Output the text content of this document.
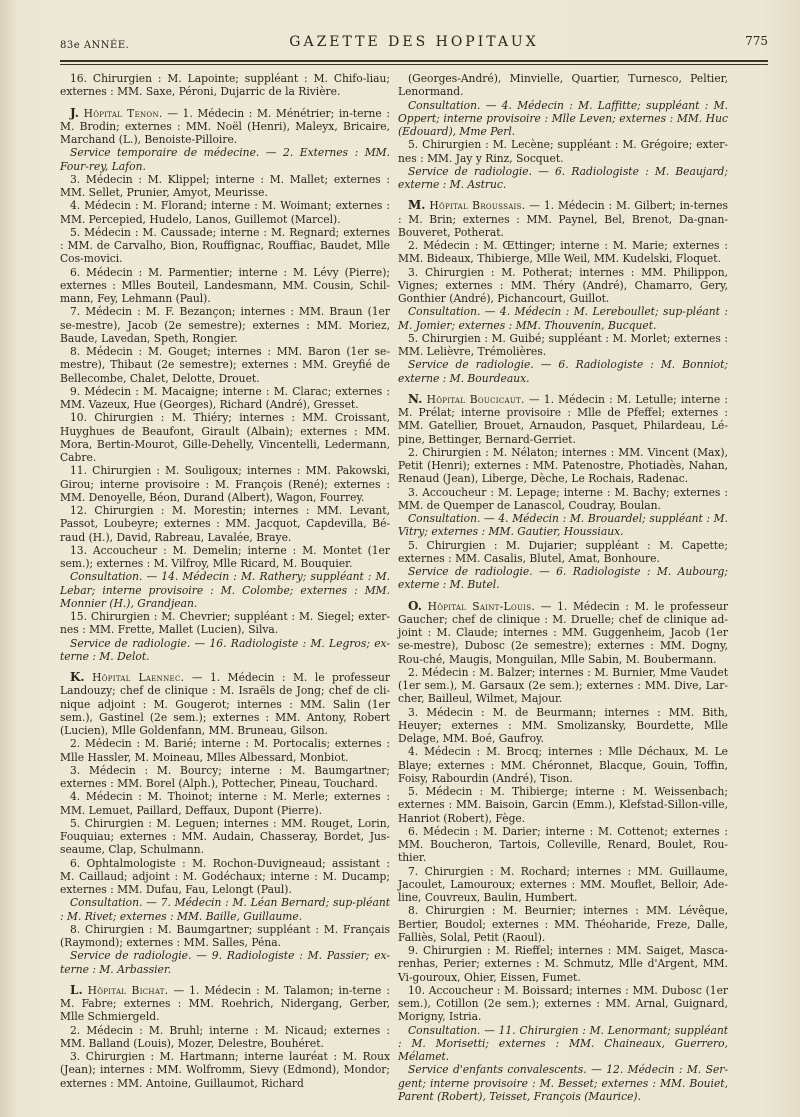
83e ANNÉE.	GAZETTE DES HOPITAUX	775

16. Chirurgien : M. Lapointe; suppléant : M. Chifo-liau; externes : MM. Saxe, Péroni, Dujarric de la Rivière.

J. Hôpital Tenon. — 1. Médecin : M. Ménétrier; in-terne : M. Brodin; externes : MM. Noël (Henri), Maleyx, Bricaire, Marchand (L.), Benoiste-Pilloire.

Service temporaire de médecine. — 2. Externes : MM. Four-rey, Lafon.

3. Médecin : M. Klippel; interne : M. Mallet; externes : MM. Sellet, Prunier, Amyot, Meurisse.

4. Médecin : M. Florand; interne : M. Woimant; externes : MM. Percepied, Hudelo, Lanos, Guillemot (Marcel).

5. Médecin : M. Caussade; interne : M. Regnard; externes : MM. de Carvalho, Bion, Rouffignac, Rouffiac, Baudet, Mlle Cos-movici.

6. Médecin : M. Parmentier; interne : M. Lévy (Pierre); externes : Mlles Bouteil, Landesmann, MM. Cousin, Schil-mann, Fey, Lehmann (Paul).

7. Médecin : M. F. Bezançon; internes : MM. Braun (1er se-mestre), Jacob (2e semestre); externes : MM. Moriez, Baude, Lavedan, Speth, Rongier.

8. Médecin : M. Gouget; internes : MM. Baron (1er se-mestre), Thibaut (2e semestre); externes : MM. Greyfié de Bellecombe, Chalet, Delotte, Drouet.

9. Médecin : M. Macaigne; interne : M. Clarac; externes : MM. Vazeux, Hue (Georges), Richard (André), Gresset.

10. Chirurgien : M. Thiéry; internes : MM. Croissant, Huyghues de Beaufont, Girault (Albain); externes : MM. Mora, Bertin-Mourot, Gille-Dehelly, Vincentelli, Ledermann, Cabre.

11. Chirurgien : M. Souligoux; internes : MM. Pakowski, Girou; interne provisoire : M. François (René); externes : MM. Denoyelle, Béon, Durand (Albert), Wagon, Fourrey.

12. Chirurgien : M. Morestin; internes : MM. Levant, Passot, Loubeyre; externes : MM. Jacquot, Capdevilla, Bé-raud (H.), David, Rabreau, Lavalée, Braye.

13. Accoucheur : M. Demelin; interne : M. Montet (1er sem.); externes : M. Vilfroy, Mlle Ricard, M. Bouquier.

Consultation. — 14. Médecin : M. Rathery; suppléant : M. Lebar; interne provisoire : M. Colombe; externes : MM. Monnier (H.), Grandjean.

15. Chirurgien : M. Chevrier; suppléant : M. Siegel; exter-nes : MM. Frette, Mallet (Lucien), Silva.

Service de radiologie. — 16. Radiologiste : M. Legros; ex-terne : M. Delot.

K. Hôpital Laennec. — 1. Médecin : M. le professeur Landouzy; chef de clinique : M. Israëls de Jong; chef de cli-nique adjoint : M. Gougerot; internes : MM. Salin (1er sem.), Gastinel (2e sem.); externes : MM. Antony, Robert (Lucien), Mlle Goldenfann, MM. Bruneau, Gilson.

2. Médecin : M. Barié; interne : M. Portocalis; externes : Mlle Hassler, M. Moineau, Mlles Albessard, Monbiot.

3. Médecin : M. Bourcy; interne : M. Baumgartner; externes : MM. Borel (Alph.), Pottecher, Pineau, Touchard.

4. Médecin : M. Thoinot; interne : M. Merle; externes : MM. Lemuet, Paillard, Deffaux, Dupont (Pierre).

5. Chirurgien : M. Leguen; internes : MM. Rouget, Lorin, Fouquiau; externes : MM. Audain, Chasseray, Bordet, Jus-seaume, Clap, Schulmann.

6. Ophtalmologiste : M. Rochon-Duvigneaud; assistant : M. Caillaud; adjoint : M. Godéchaux; interne : M. Ducamp; externes : MM. Dufau, Fau, Lelongt (Paul).

Consultation. — 7. Médecin : M. Léan Bernard; sup-pléant : M. Rivet; externes : MM. Baille, Guillaume.

8. Chirurgien : M. Baumgartner; suppléant : M. Français (Raymond); externes : MM. Salles, Péna.

Service de radiologie. — 9. Radiologiste : M. Passier; ex-terne : M. Arbassier.

L. Hôpital Bichat. — 1. Médecin : M. Talamon; in-terne : M. Fabre; externes : MM. Roehrich, Nidergang, Gerber, Mlle Schmiergeld.

2. Médecin : M. Bruhl; interne : M. Nicaud; externes : MM. Balland (Louis), Mozer, Delestre, Bouhéret.

3. Chirurgien : M. Hartmann; interne lauréat : M. Roux (Jean); internes : MM. Wolfromm, Sievy (Edmond), Mondor; externes : MM. Antoine, Guillaumot, Richard

(Georges-André), Minvielle, Quartier, Turnesco, Peltier, Lenormand.

Consultation. — 4. Médecin : M. Laffitte; suppléant : M. Oppert; interne provisoire : Mlle Leven; externes : MM. Huc (Edouard), Mme Perl.

5. Chirurgien : M. Lecène; suppléant : M. Grégoire; exter-nes : MM. Jay y Rinz, Socquet.

Service de radiologie. — 6. Radiologiste : M. Beaujard; externe : M. Astruc.

M. Hôpital Broussais. — 1. Médecin : M. Gilbert; in-ternes : M. Brin; externes : MM. Paynel, Bel, Brenot, Da-gnan-Bouveret, Potherat.

2. Médecin : M. Œttinger; interne : M. Marie; externes : MM. Bideaux, Thibierge, Mlle Weil, MM. Kudelski, Floquet.

3. Chirurgien : M. Potherat; internes : MM. Philippon, Vignes; externes : MM. Théry (André), Chamarro, Gery, Gonthier (André), Pichancourt, Guillot.

Consultation. — 4. Médecin : M. Lereboullet; sup-pléant : M. Jomier; externes : MM. Thouvenin, Bucquet.

5. Chirurgien : M. Guibé; suppléant : M. Morlet; externes : MM. Lelièvre, Trémolières.

Service de radiologie. — 6. Radiologiste : M. Bonniot; externe : M. Bourdeaux.

N. Hôpital Boucicaut. — 1. Médecin : M. Letulle; interne : M. Prélat; interne provisoire : Mlle de Pfeffel; externes : MM. Gatellier, Brouet, Arnaudon, Pasquet, Philardeau, Lé-pine, Bettinger, Bernard-Gerriet.

2. Chirurgien : M. Nélaton; internes : MM. Vincent (Max), Petit (Henri); externes : MM. Patenostre, Photiadès, Nahan, Renaud (Jean), Liberge, Dèche, Le Rochais, Radenac.

3. Accoucheur : M. Lepage; interne : M. Bachy; externes : MM. de Quemper de Lanascol, Coudray, Boulan.

Consultation. — 4. Médecin : M. Brouardel; suppléant : M. Vitry; externes : MM. Gautier, Houssiaux.

5. Chirurgien : M. Dujarier; suppléant : M. Capette; externes : MM. Casalis, Blutel, Amat, Bonhoure.

Service de radiologie. — 6. Radiologiste : M. Aubourg; externe : M. Butel.

O. Hôpital Saint-Louis. — 1. Médecin : M. le professeur Gaucher; chef de clinique : M. Druelle; chef de clinique ad-joint : M. Claude; internes : MM. Guggenheim, Jacob (1er se-mestre), Dubosc (2e semestre); externes : MM. Dogny, Rou-ché, Maugis, Monguilan, Mlle Sabin, M. Boubermann.

2. Médecin : M. Balzer; internes : M. Burnier, Mme Vaudet (1er sem.), M. Garsaux (2e sem.); externes : MM. Dive, Lar-cher, Bailleul, Wilmet, Majour.

3. Médecin : M. de Beurmann; internes : MM. Bith, Heuyer; externes : MM. Smolizansky, Bourdette, Mlle Delage, MM. Boé, Gaufroy.

4. Médecin : M. Brocq; internes : Mlle Déchaux, M. Le Blaye; externes : MM. Chéronnet, Blacque, Gouin, Toffin, Foisy, Rabourdin (André), Tison.

5. Médecin : M. Thibierge; interne : M. Weissenbach; externes : MM. Baisoin, Garcin (Emm.), Klefstad-Sillon-ville, Hanriot (Robert), Fège.

6. Médecin : M. Darier; interne : M. Cottenot; externes : MM. Boucheron, Tartois, Colleville, Renard, Boulet, Rou-thier.

7. Chirurgien : M. Rochard; internes : MM. Guillaume, Jacoulet, Lamouroux; externes : MM. Mouflet, Belloir, Ade-line, Couvreux, Baulin, Humbert.

8. Chirurgien : M. Beurnier; internes : MM. Lévêque, Bertier, Boudol; externes : MM. Théoharide, Freze, Dalle, Falliès, Solal, Petit (Raoul).

9. Chirurgien : M. Rieffel; internes : MM. Saiget, Masca-renhas, Perier; externes : M. Schmutz, Mlle d'Argent, MM. Vi-gouroux, Ohier, Eissen, Fumet.

10. Accoucheur : M. Boissard; internes : MM. Dubosc (1er sem.), Cotillon (2e sem.); externes : MM. Arnal, Guignard, Morigny, Istria.

Consultation. — 11. Chirurgien : M. Lenormant; suppléant : M. Morisetti; externes : MM. Chaineaux, Guerrero, Mélamet.

Service d'enfants convalescents. — 12. Médecin : M. Ser-gent; interne provisoire : M. Besset; externes : MM. Bouiet, Parent (Robert), Teisset, François (Maurice).
